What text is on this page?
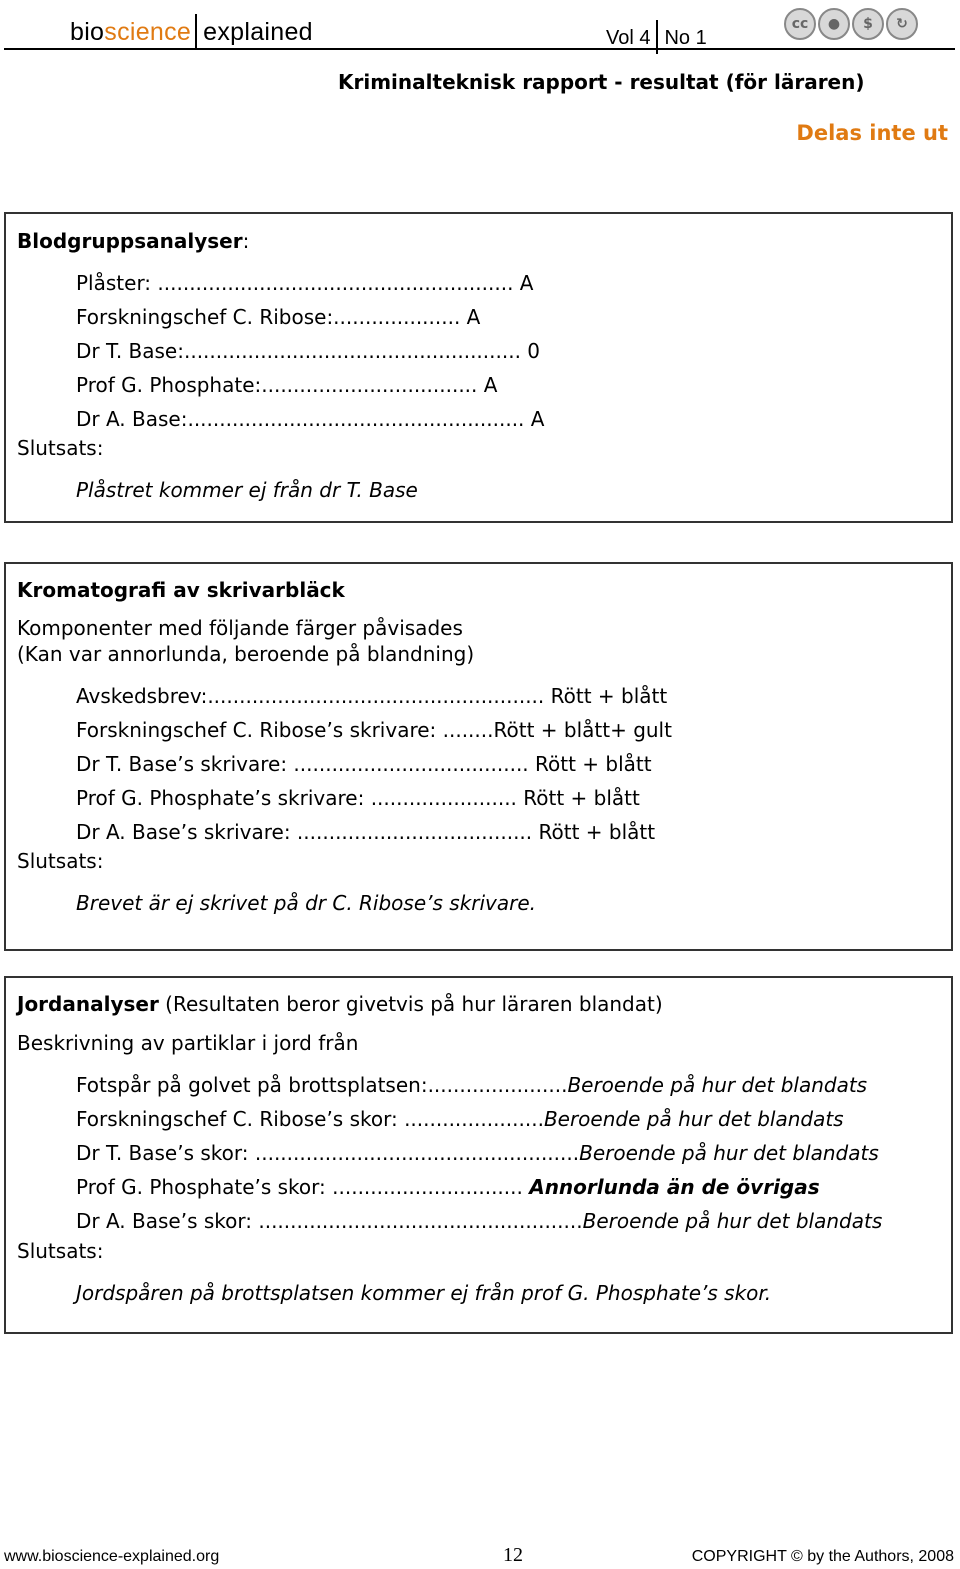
bioscience explained	Vol 4 No 1
cc	●	$	↻
Kriminalteknisk rapport - resultat (för läraren)
Delas inte ut
Blodgruppsanalyser:
Plåster: ........................................................ A
Forskningschef C. Ribose:.................... A
Dr T. Base:..................................................... 0
Prof G. Phosphate:.................................. A
Dr A. Base:..................................................... A
Slutsats:
Plåstret kommer ej från dr T. Base
Kromatografi av skrivarbläck
Komponenter med följande färger påvisades
(Kan var annorlunda, beroende på blandning)
Avskedsbrev:..................................................... Rött + blått
Forskningschef C. Ribose’s skrivare: ........Rött + blått+ gult
Dr T. Base’s skrivare: ..................................... Rött + blått
Prof G. Phosphate’s skrivare: ....................... Rött + blått
Dr A. Base’s skrivare: ..................................... Rött + blått
Slutsats:
Brevet är ej skrivet på dr C. Ribose’s skrivare.
Jordanalyser (Resultaten beror givetvis på hur läraren blandat)
Beskrivning av partiklar i jord från
Fotspår på golvet på brottsplatsen:......................Beroende på hur det blandats
Forskningschef C. Ribose’s skor: ......................Beroende på hur det blandats
Dr T. Base’s skor: ...................................................Beroende på hur det blandats
Prof G. Phosphate’s skor: .............................. Annorlunda än de övrigas
Dr A. Base’s skor: ...................................................Beroende på hur det blandats
Slutsats:
Jordspåren på brottsplatsen kommer ej från prof G. Phosphate’s skor.
www.bioscience-explained.org	12	COPYRIGHT © by the Authors, 2008
